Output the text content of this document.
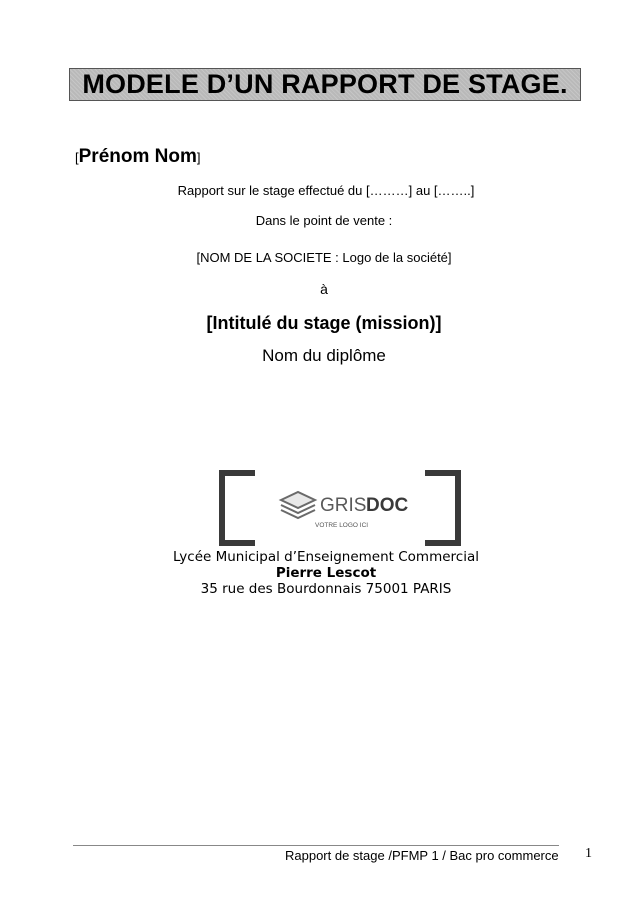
MODELE D’UN RAPPORT DE STAGE.
[Prénom Nom]
Rapport sur le stage effectué du [………] au [……..]
Dans le point de vente :
[NOM DE LA SOCIETE : Logo de la société]
à
[Intitulé du stage (mission)]
Nom du diplôme
GRIS DOC
VOTRE LOGO ICI
Lycée Municipal d’Enseignement Commercial
Pierre Lescot
35 rue des Bourdonnais 75001 PARIS
Rapport de stage /PFMP 1 / Bac pro commerce 1
